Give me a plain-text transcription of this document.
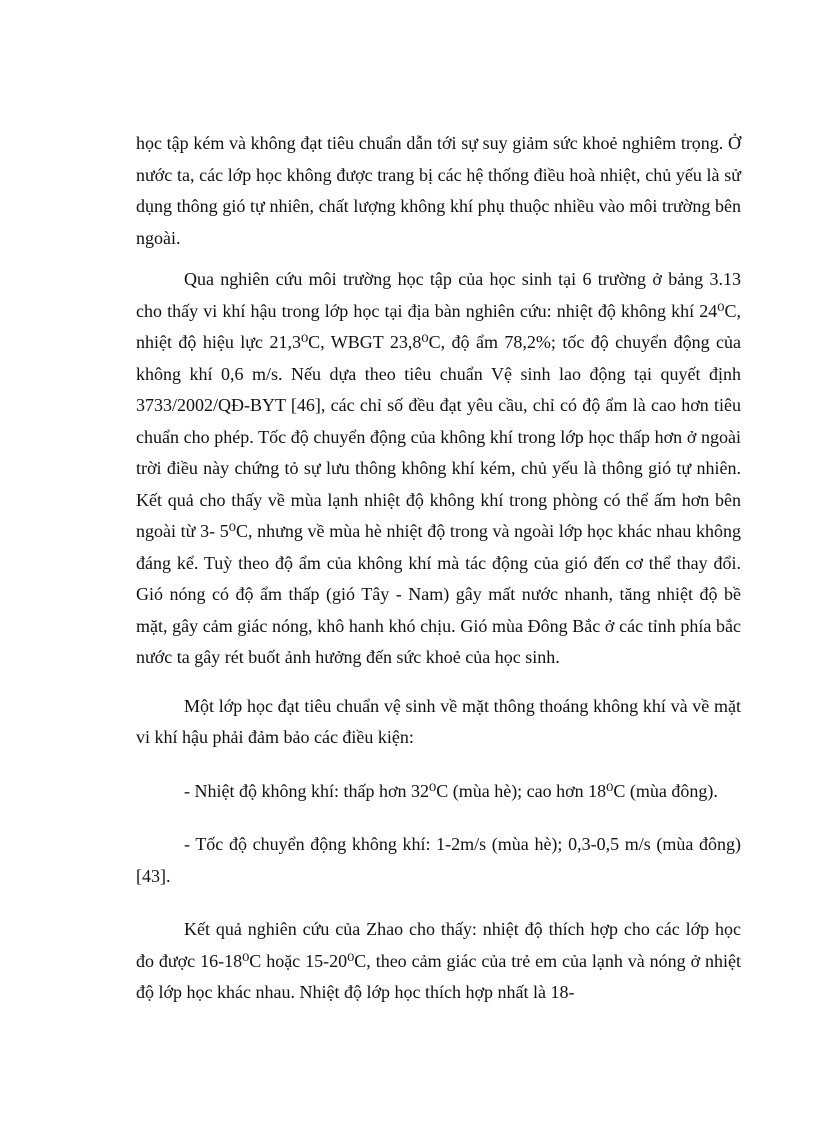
học tập kém và không đạt tiêu chuẩn dẫn tới sự suy giảm sức khoẻ nghiêm trọng. Ở nước ta, các lớp học không được trang bị các hệ thống điều hoà nhiệt, chủ yếu là sử dụng thông gió tự nhiên, chất lượng không khí phụ thuộc nhiều vào môi trường bên ngoài.

Qua nghiên cứu môi trường học tập của học sinh tại 6 trường ở bảng 3.13 cho thấy vi khí hậu trong lớp học tại địa bàn nghiên cứu: nhiệt độ không khí 24⁰C, nhiệt độ hiệu lực 21,3⁰C, WBGT 23,8⁰C, độ ẩm 78,2%; tốc độ chuyển động của không khí 0,6 m/s. Nếu dựa theo tiêu chuẩn Vệ sinh lao động tại quyết định 3733/2002/QĐ-BYT [46], các chỉ số đều đạt yêu cầu, chỉ có độ ẩm là cao hơn tiêu chuẩn cho phép. Tốc độ chuyển động của không khí trong lớp học thấp hơn ở ngoài trời điều này chứng tỏ sự lưu thông không khí kém, chủ yếu là thông gió tự nhiên. Kết quả cho thấy về mùa lạnh nhiệt độ không khí trong phòng có thể ấm hơn bên ngoài từ 3- 5⁰C, nhưng về mùa hè nhiệt độ trong và ngoài lớp học khác nhau không đáng kể. Tuỳ theo độ ẩm của không khí mà tác động của gió đến cơ thể thay đổi. Gió nóng có độ ẩm thấp (gió Tây - Nam) gây mất nước nhanh, tăng nhiệt độ bề mặt, gây cảm giác nóng, khô hanh khó chịu. Gió mùa Đông Bắc ở các tỉnh phía bắc nước ta gây rét buốt ảnh hưởng đến sức khoẻ của học sinh.

Một lớp học đạt tiêu chuẩn vệ sinh về mặt thông thoáng không khí và về mặt vi khí hậu phải đảm bảo các điều kiện:

- Nhiệt độ không khí: thấp hơn 32⁰C (mùa hè); cao hơn 18⁰C (mùa đông).

- Tốc độ chuyển động không khí: 1-2m/s (mùa hè); 0,3-0,5 m/s (mùa đông) [43].

Kết quả nghiên cứu của Zhao cho thấy: nhiệt độ thích hợp cho các lớp học đo được 16-18⁰C hoặc 15-20⁰C, theo cảm giác của trẻ em của lạnh và nóng ở nhiệt độ lớp học khác nhau. Nhiệt độ lớp học thích hợp nhất là 18-
